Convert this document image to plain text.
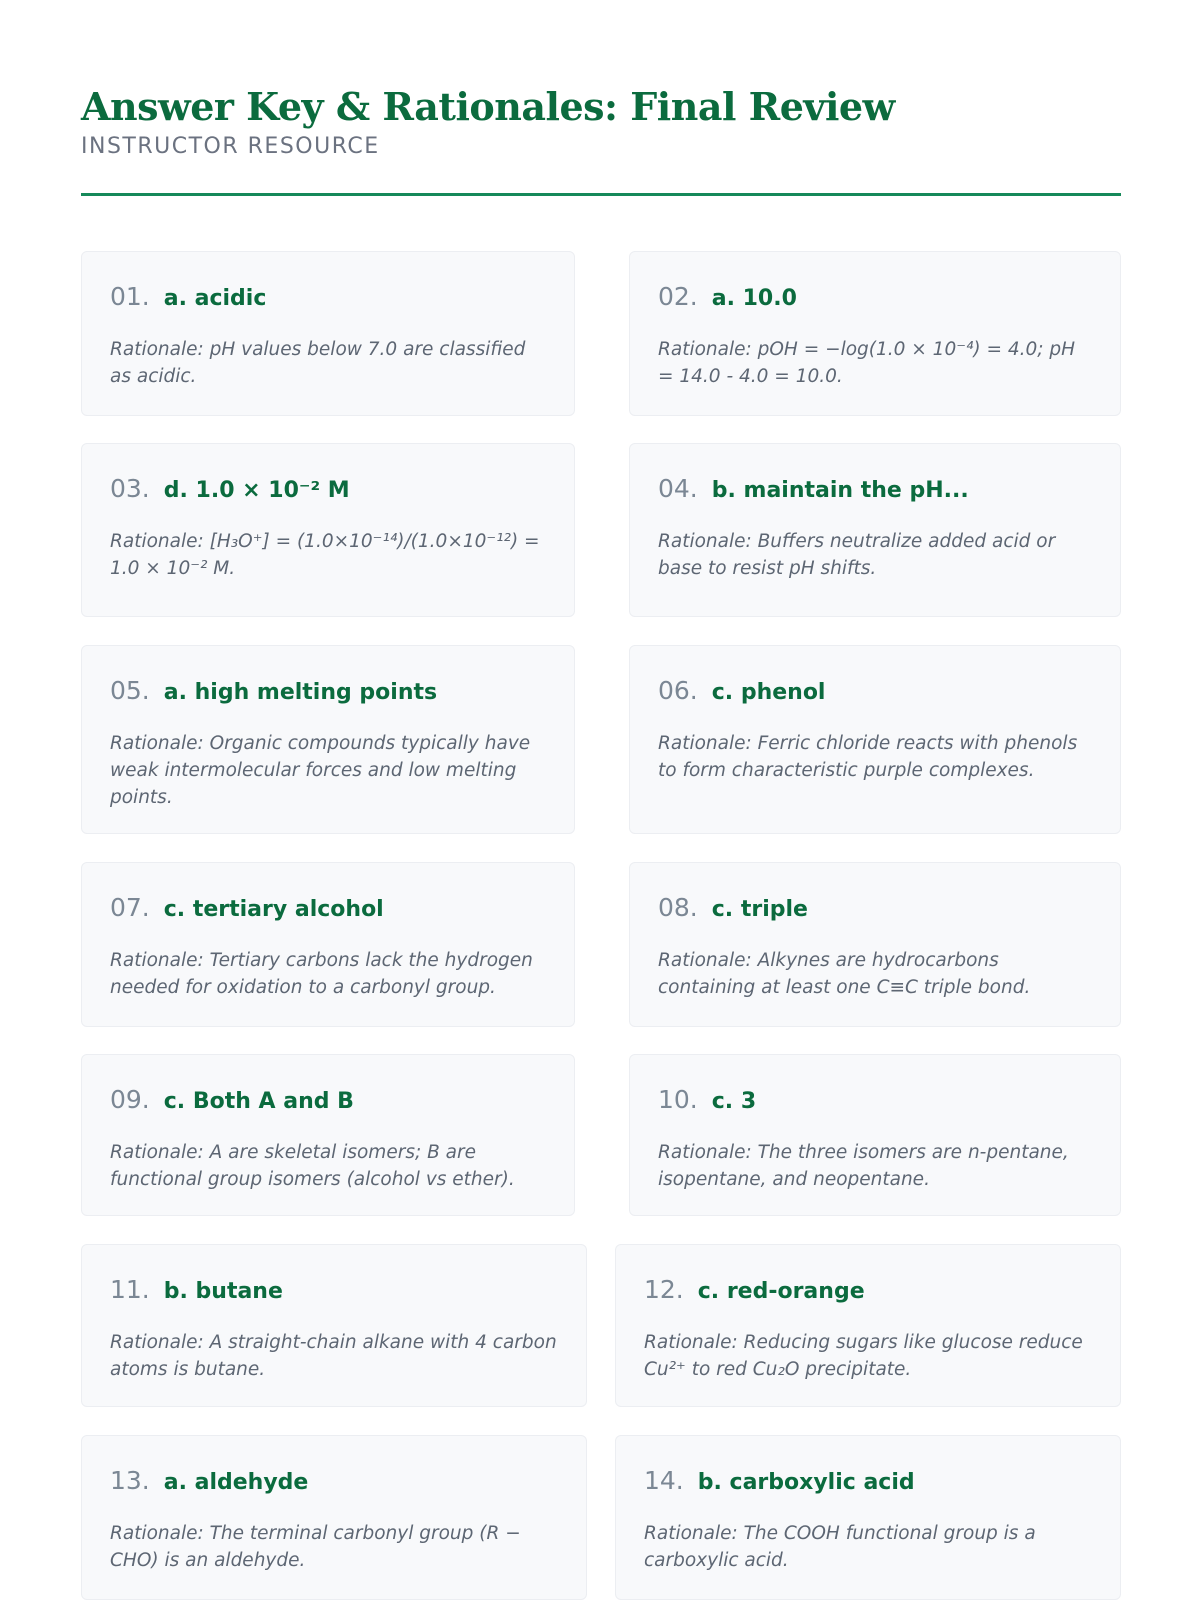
Answer Key & Rationales: Final Review
INSTRUCTOR RESOURCE
01. a. acidic
Rationale: pH values below 7.0 are classified as acidic.
02. a. 10.0
Rationale: pOH = −log(1.0 × 10⁻⁴) = 4.0; pH = 14.0 - 4.0 = 10.0.
03. d. 1.0 × 10⁻² M
Rationale: [H₃O⁺] = (1.0×10⁻¹⁴)/(1.0×10⁻¹²) = 1.0 × 10⁻² M.
04. b. maintain the pH...
Rationale: Buffers neutralize added acid or base to resist pH shifts.
05. a. high melting points
Rationale: Organic compounds typically have weak intermolecular forces and low melting points.
06. c. phenol
Rationale: Ferric chloride reacts with phenols to form characteristic purple complexes.
07. c. tertiary alcohol
Rationale: Tertiary carbons lack the hydrogen needed for oxidation to a carbonyl group.
08. c. triple
Rationale: Alkynes are hydrocarbons containing at least one C≡C triple bond.
09. c. Both A and B
Rationale: A are skeletal isomers; B are functional group isomers (alcohol vs ether).
10. c. 3
Rationale: The three isomers are n-pentane, isopentane, and neopentane.
11. b. butane
Rationale: A straight-chain alkane with 4 carbon atoms is butane.
12. c. red-orange
Rationale: Reducing sugars like glucose reduce Cu²⁺ to red Cu₂O precipitate.
13. a. aldehyde
Rationale: The terminal carbonyl group (R − CHO) is an aldehyde.
14. b. carboxylic acid
Rationale: The COOH functional group is a carboxylic acid.
